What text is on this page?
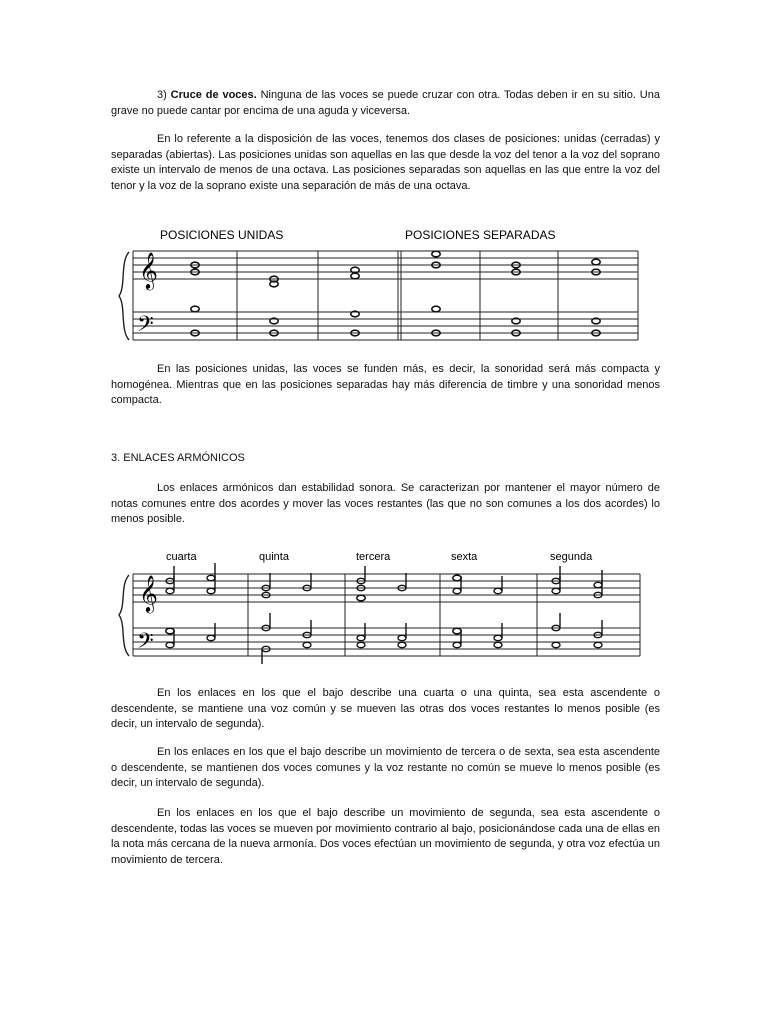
3) Cruce de voces. Ninguna de las voces se puede cruzar con otra. Todas deben ir en su sitio. Una grave no puede cantar por encima de una aguda y viceversa.

En lo referente a la disposición de las voces, tenemos dos clases de posiciones: unidas (cerradas) y separadas (abiertas). Las posiciones unidas son aquellas en las que desde la voz del tenor a la voz del soprano existe un intervalo de menos de una octava. Las posiciones separadas son aquellas en las que entre la voz del tenor y la voz de la soprano existe una separación de más de una octava.

POSICIONES UNIDAS	POSICIONES SEPARADAS
𝄞
𝄢

En las posiciones unidas, las voces se funden más, es decir, la sonoridad será más compacta y homogénea. Mientras que en las posiciones separadas hay más diferencia de timbre y una sonoridad menos compacta.

3. ENLACES ARMÓNICOS

Los enlaces armónicos dan estabilidad sonora. Se caracterizan por mantener el mayor número de notas comunes entre dos acordes y mover las voces restantes (las que no son comunes a los dos acordes) lo menos posible.

cuarta	quinta	tercera	sexta	segunda
𝄞
𝄢

En los enlaces en los que el bajo describe una cuarta o una quinta, sea esta ascendente o descendente, se mantiene una voz común y se mueven las otras dos voces restantes lo menos posible (es decir, un intervalo de segunda).

En los enlaces en los que el bajo describe un movimiento de tercera o de sexta, sea esta ascendente o descendente, se mantienen dos voces comunes y la voz restante no común se mueve lo menos posible (es decir, un intervalo de segunda).

En los enlaces en los que el bajo describe un movimiento de segunda, sea esta ascendente o descendente, todas las voces se mueven por movimiento contrario al bajo, posicionándose cada una de ellas en la nota más cercana de la nueva armonía. Dos voces efectúan un movimiento de segunda, y otra voz efectúa un movimiento de tercera.
